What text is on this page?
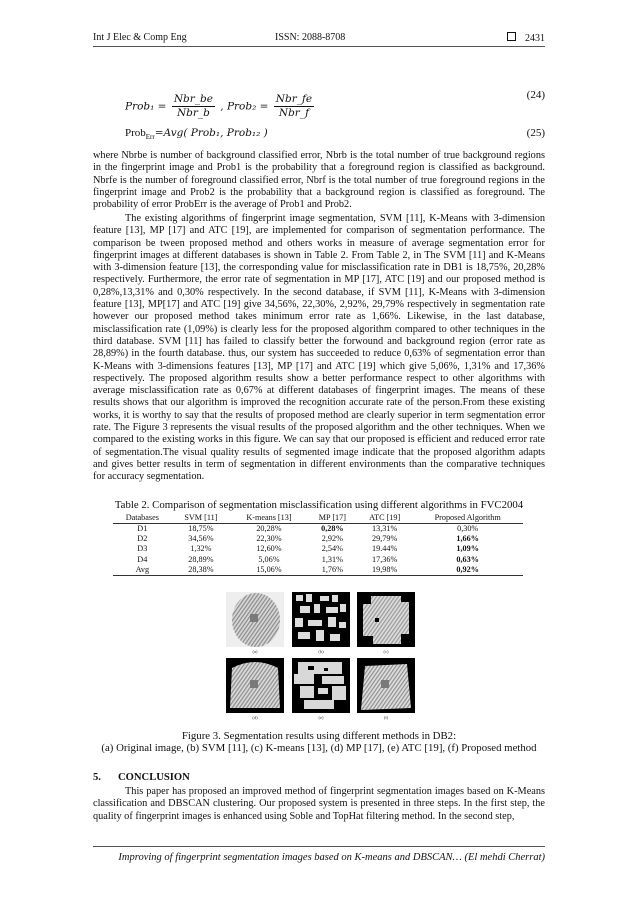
Int J Elec & Comp Eng	ISSN: 2088-8708	2431
Prob₁ = $\frac{\text{Nbr\_be}}{\text{Nbr\_b}}$ , Prob₂ = $\frac{\text{Nbr\_fe}}{\text{Nbr\_f}}$	(24)
Prob$_{Err}$=Avg( Prob₁, Prob₁₂ )	(25)

where Nbrbe is number of background classified error, Nbrb is the total number of true background regions in the fingerprint image and Prob1 is the probability that a foreground region is classified as background. Nbrfe is the number of foreground classified error, Nbrf is the total number of true foreground regions in the fingerprint image and Prob2 is the probability that a background region is classified as foreground. The probability of error ProbErr is the average of Prob1 and Prob2.

The existing algorithms of fingerprint image segmentation, SVM [11], K-Means with 3-dimension feature [13], MP [17] and ATC [19], are implemented for comparison of segmentation performance. The comparison be tween proposed method and others works in measure of average segmentation error for fingerprint images at different databases is shown in Table 2. From Table 2, in The SVM [11] and K-Means with 3-dimension feature [13], the corresponding value for misclassification rate in DB1 is 18,75%, 20,28% respectively. Furthermore, the error rate of segmentation in MP [17], ATC [19] and our proposed method is 0,28%,13,31% and 0,30% respectively. In the second database, if SVM [11], K-Means with 3-dimension feature [13], MP[17] and ATC [19] give 34,56%, 22,30%, 2,92%, 29,79% respectively in segmentation rate however our proposed method takes minimum error rate as 1,66%. Likewise, in the last database, misclassification rate (1,09%) is clearly less for the proposed algorithm compared to other techniques in the third database. SVM [11] has failed to classify better the forwound and background region (error rate as 28,89%) in the fourth database. thus, our system has succeeded to reduce 0,63% of segmentation error than K-Means with 3-dimensions features [13], MP [17] and ATC [19] which give 5,06%, 1,31% and 17,36% respectively. The proposed algorithm results show a better performance respect to other algorithms with average misclassification rate as 0,67% at different databases of fingerprint images. The means of these results shows that our algorithm is improved the recognition accurate rate of the person.From these existing works, it is worthy to say that the results of proposed method are clearly superior in term segmentation error rate. The Figure 3 represents the visual results of the proposed algorithm and the other techniques. When we compared to the existing works in this figure. We can say that our proposed is efficient and reduced error rate of segmentation.The visual quality results of segmented image indicate that the proposed algorithm adapts and gives better results in term of segmentation in different environments than the comparative techniques for accuracy segmentation.

Table 2. Comparison of segmentation misclassification using different algorithms in FVC2004
Databases	SVM [11]	K-means [13]	MP [17]	ATC [19]	Proposed Algorithm
D1	18,75%	20,28%	0,28%	13,31%	0,30%
D2	34,56%	22,30%	2,92%	29,79%	1,66%
D3	1,32%	12,60%	2,54%	19.44%	1,09%
D4	28,89%	5,06%	1,31%	17,36%	0,63%
Avg	28,38%	15,06%	1,76%	19,98%	0,92%
(a)	(b)	(c)
(d)	(e)	(f)
Figure 3. Segmentation results using different methods in DB2:
(a) Original image, (b) SVM [11], (c) K-means [13], (d) MP [17], (e) ATC [19], (f) Proposed method
5. CONCLUSION

This paper has proposed an improved method of fingerprint segmentation images based on K-Means classification and DBSCAN clustering. Our proposed system is presented in three steps. In the first step, the quality of fingerprint images is enhanced using Soble and TopHat filtering method. In the second step,

Improving of fingerprint segmentation images based on K-means and DBSCAN… (El mehdi Cherrat)
